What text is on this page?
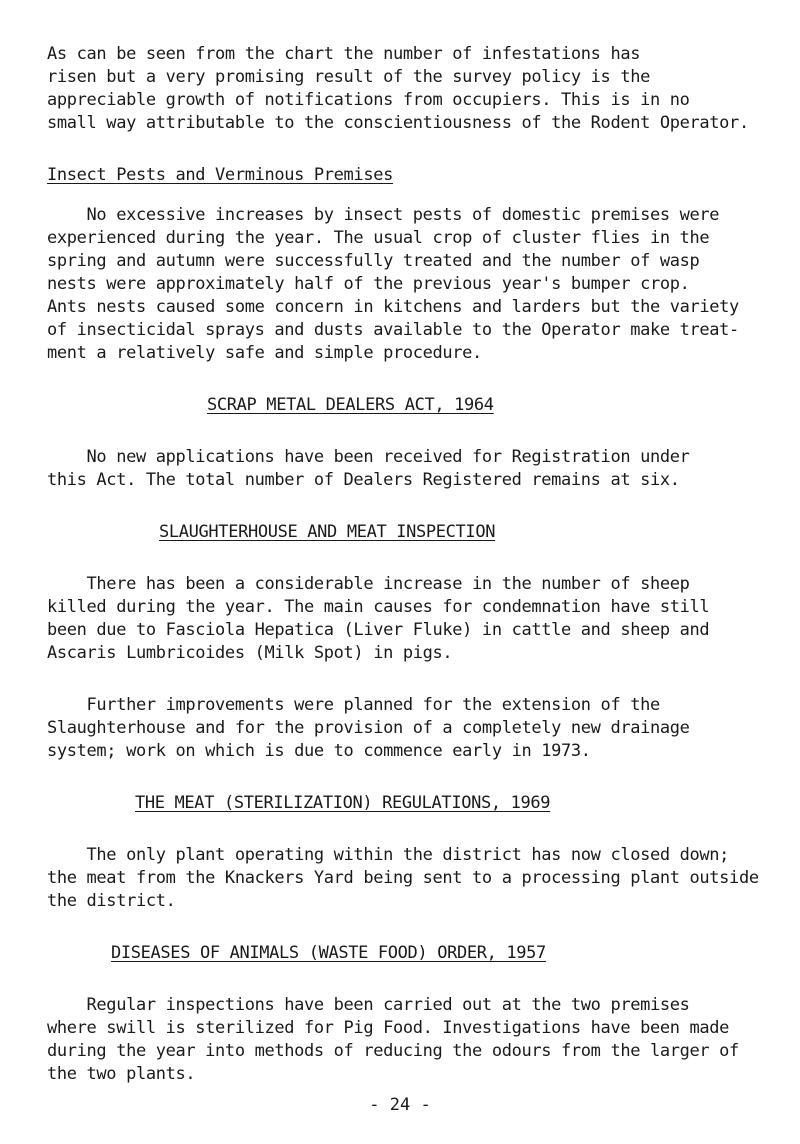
As can be seen from the chart the number of infestations has

risen but a very promising result of the survey policy is the

appreciable growth of notifications from occupiers. This is in no

small way attributable to the conscientiousness of the Rodent Operator.

Insect Pests and Verminous Premises

No excessive increases by insect pests of domestic premises were

experienced during the year. The usual crop of cluster flies in the

spring and autumn were successfully treated and the number of wasp

nests were approximately half of the previous year's bumper crop.

Ants nests caused some concern in kitchens and larders but the variety

of insecticidal sprays and dusts available to the Operator make treat-

ment a relatively safe and simple procedure.

SCRAP METAL DEALERS ACT, 1964

No new applications have been received for Registration under

this Act. The total number of Dealers Registered remains at six.

SLAUGHTERHOUSE AND MEAT INSPECTION

There has been a considerable increase in the number of sheep

killed during the year. The main causes for condemnation have still

been due to Fasciola Hepatica (Liver Fluke) in cattle and sheep and

Ascaris Lumbricoides (Milk Spot) in pigs.

Further improvements were planned for the extension of the

Slaughterhouse and for the provision of a completely new drainage

system; work on which is due to commence early in 1973.

THE MEAT (STERILIZATION) REGULATIONS, 1969

The only plant operating within the district has now closed down;

the meat from the Knackers Yard being sent to a processing plant outside

the district.

DISEASES OF ANIMALS (WASTE FOOD) ORDER, 1957

Regular inspections have been carried out at the two premises

where swill is sterilized for Pig Food. Investigations have been made

during the year into methods of reducing the odours from the larger of

the two plants.

- 24 -
